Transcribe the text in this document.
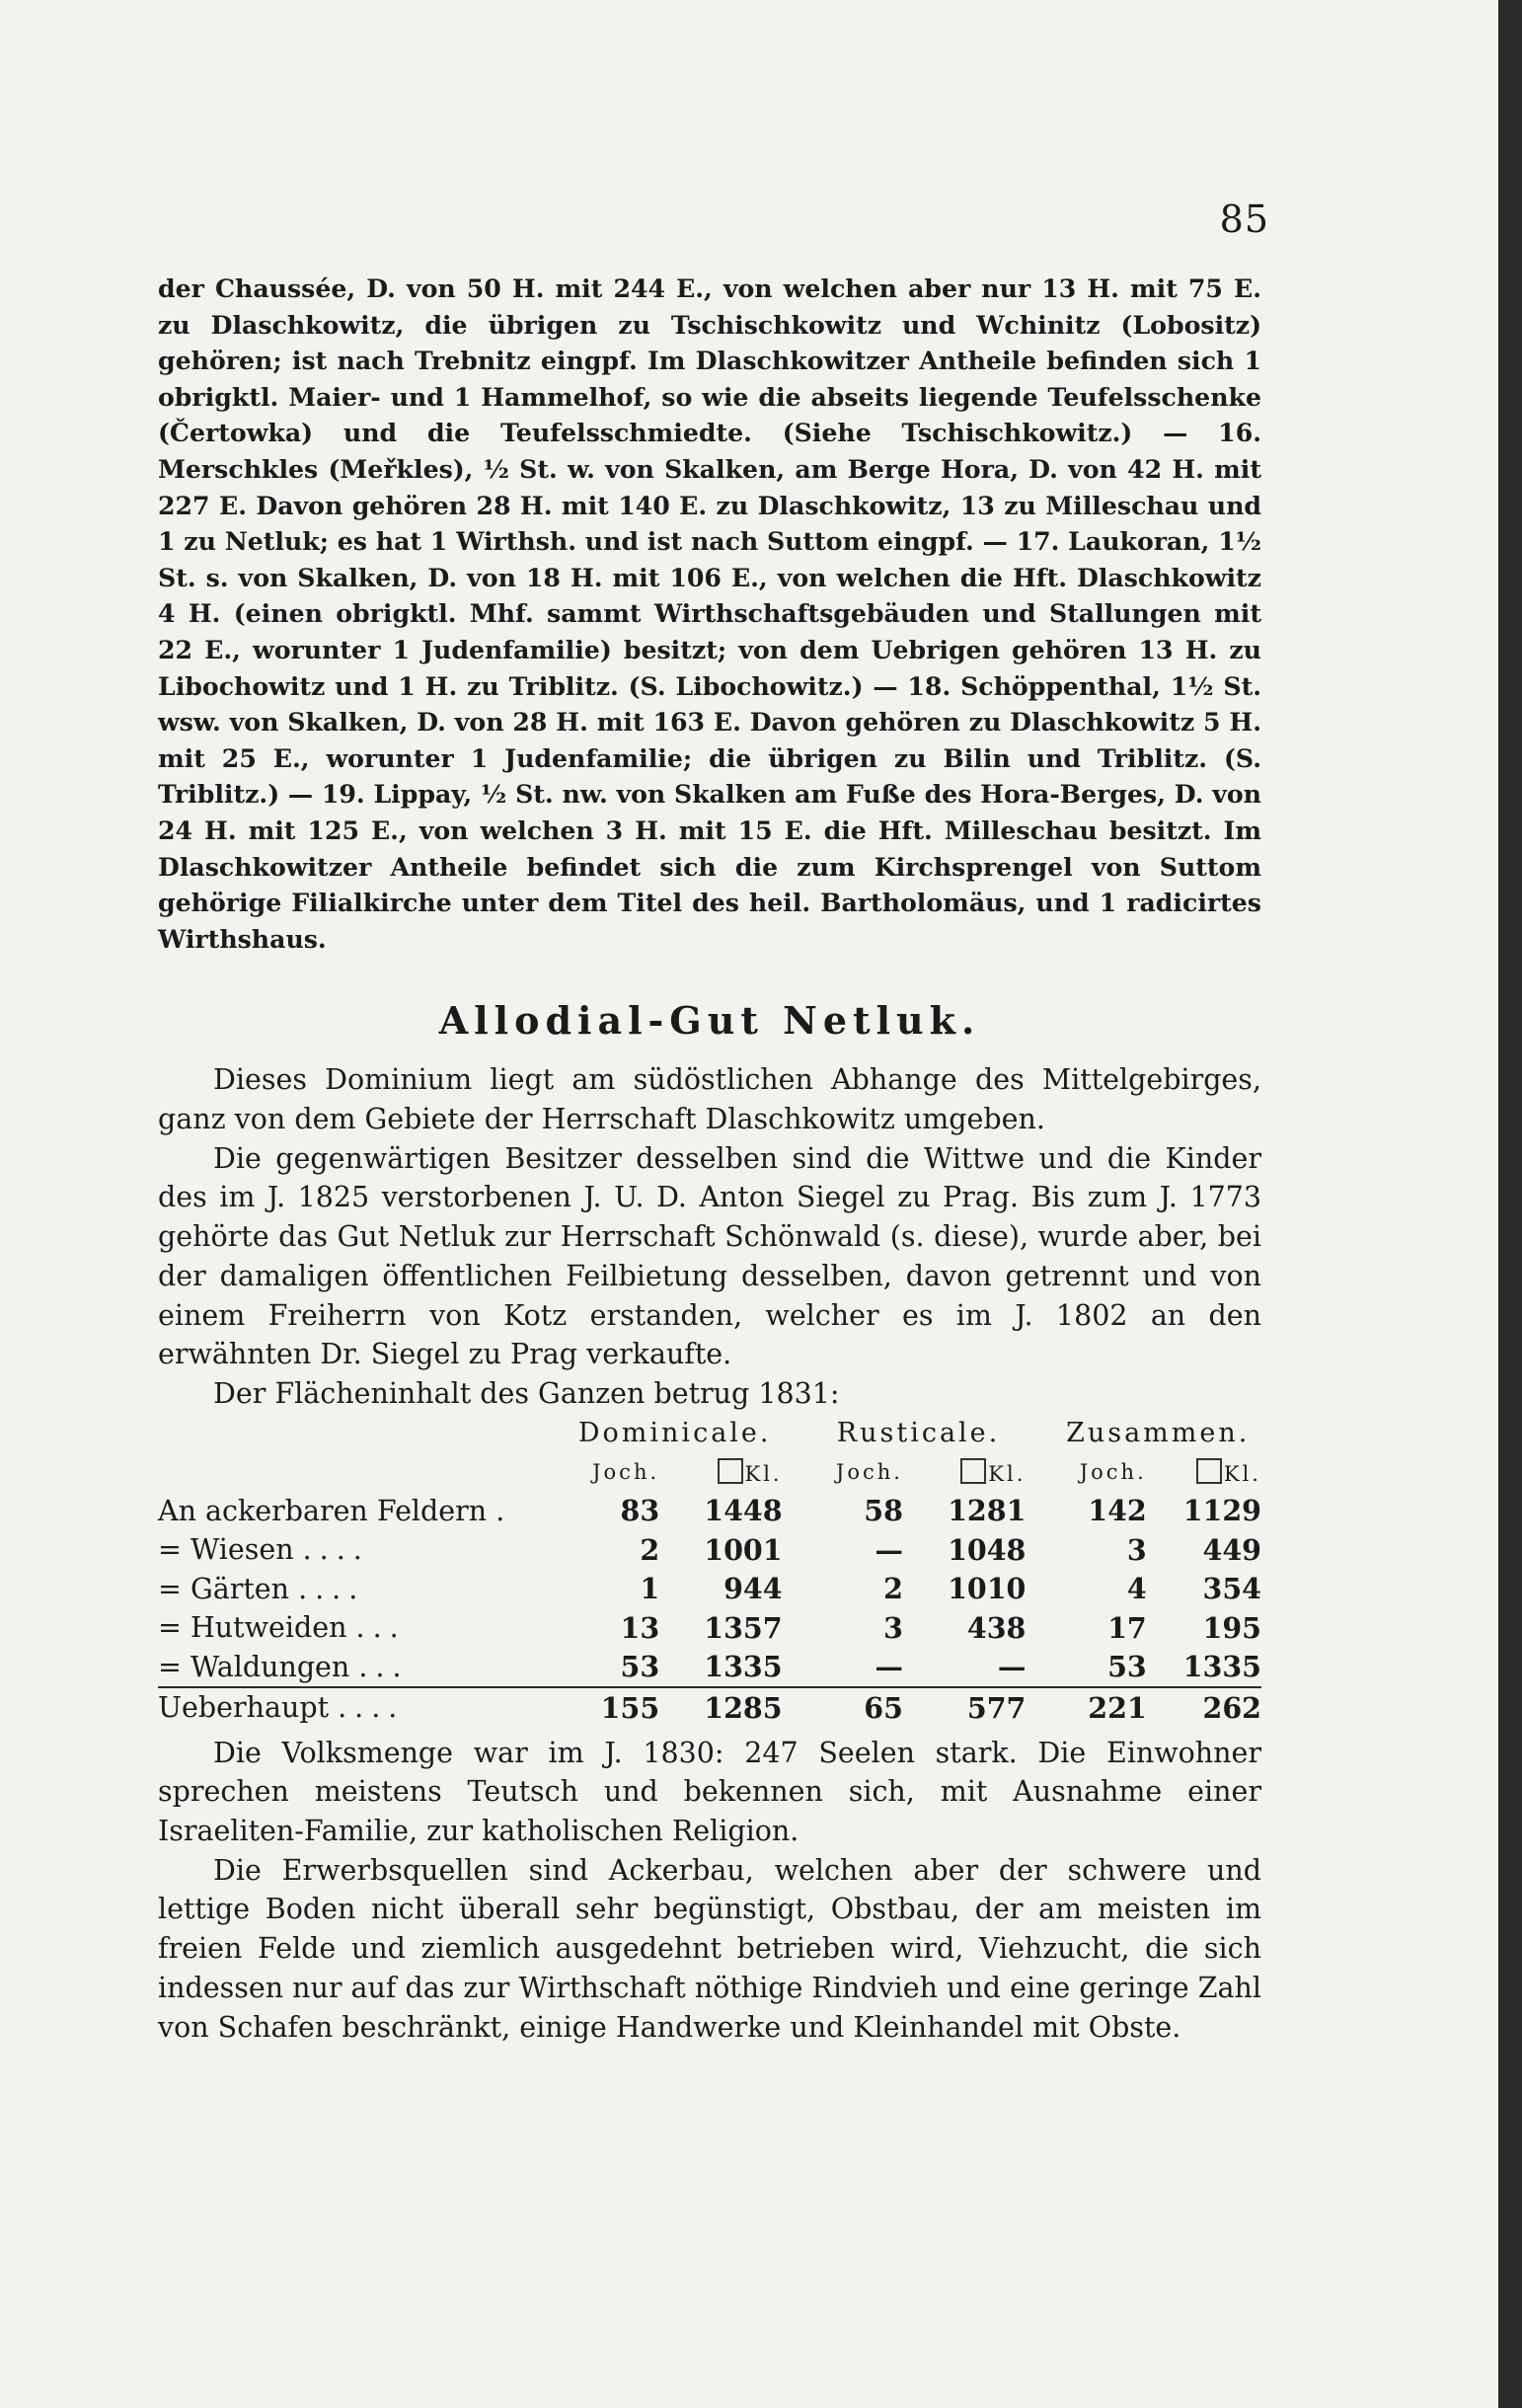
85

der Chaussée, D. von 50 H. mit 244 E., von welchen aber nur 13 H. mit 75 E. zu Dlaschkowitz, die übrigen zu Tschischkowitz und Wchinitz (Lobositz) gehören; ist nach Trebnitz eingpf. Im Dlaschkowitzer Antheile befinden sich 1 obrigktl. Maier- und 1 Hammelhof, so wie die abseits liegende Teufelsschenke (Čertowka) und die Teufelsschmiedte. (Siehe Tschischkowitz.) — 16. Merschkles (Meřkles), ½ St. w. von Skalken, am Berge Hora, D. von 42 H. mit 227 E. Davon gehören 28 H. mit 140 E. zu Dlaschkowitz, 13 zu Milleschau und 1 zu Netluk; es hat 1 Wirthsh. und ist nach Suttom eingpf. — 17. Laukoran, 1½ St. s. von Skalken, D. von 18 H. mit 106 E., von welchen die Hft. Dlaschkowitz 4 H. (einen obrigktl. Mhf. sammt Wirthschaftsgebäuden und Stallungen mit 22 E., worunter 1 Judenfamilie) besitzt; von dem Uebrigen gehören 13 H. zu Libochowitz und 1 H. zu Triblitz. (S. Libochowitz.) — 18. Schöppenthal, 1½ St. wsw. von Skalken, D. von 28 H. mit 163 E. Davon gehören zu Dlaschkowitz 5 H. mit 25 E., worunter 1 Judenfamilie; die übrigen zu Bilin und Triblitz. (S. Triblitz.) — 19. Lippay, ½ St. nw. von Skalken am Fuße des Hora-Berges, D. von 24 H. mit 125 E., von welchen 3 H. mit 15 E. die Hft. Milleschau besitzt. Im Dlaschkowitzer Antheile befindet sich die zum Kirchsprengel von Suttom gehörige Filialkirche unter dem Titel des heil. Bartholomäus, und 1 radicirtes Wirthshaus.

Allodial-Gut Netluk.

Dieses Dominium liegt am südöstlichen Abhange des Mittelgebirges, ganz von dem Gebiete der Herrschaft Dlaschkowitz umgeben.

Die gegenwärtigen Besitzer desselben sind die Wittwe und die Kinder des im J. 1825 verstorbenen J. U. D. Anton Siegel zu Prag. Bis zum J. 1773 gehörte das Gut Netluk zur Herrschaft Schönwald (s. diese), wurde aber, bei der damaligen öffentlichen Feilbietung desselben, davon getrennt und von einem Freiherrn von Kotz erstanden, welcher es im J. 1802 an den erwähnten Dr. Siegel zu Prag verkaufte.

Der Flächeninhalt des Ganzen betrug 1831:

	Dominicale.			Rusticale.			Zusammen.	
	Joch.	Kl.		Joch.	Kl.		Joch.	Kl.
An ackerbaren Feldern .	83	1448		58	1281		142	1129
= Wiesen ....	2	1001		—	1048		3	449
= Gärten ....	1	944		2	1010		4	354
= Hutweiden ...	13	1357		3	438		17	195
= Waldungen ...	53	1335		—	—		53	1335
Ueberhaupt ....	155	1285		65	577		221	262

Die Volksmenge war im J. 1830: 247 Seelen stark. Die Einwohner sprechen meistens Teutsch und bekennen sich, mit Ausnahme einer Israeliten-Familie, zur katholischen Religion.

Die Erwerbsquellen sind Ackerbau, welchen aber der schwere und lettige Boden nicht überall sehr begünstigt, Obstbau, der am meisten im freien Felde und ziemlich ausgedehnt betrieben wird, Viehzucht, die sich indessen nur auf das zur Wirthschaft nöthige Rindvieh und eine geringe Zahl von Schafen beschränkt, einige Handwerke und Kleinhandel mit Obste.
